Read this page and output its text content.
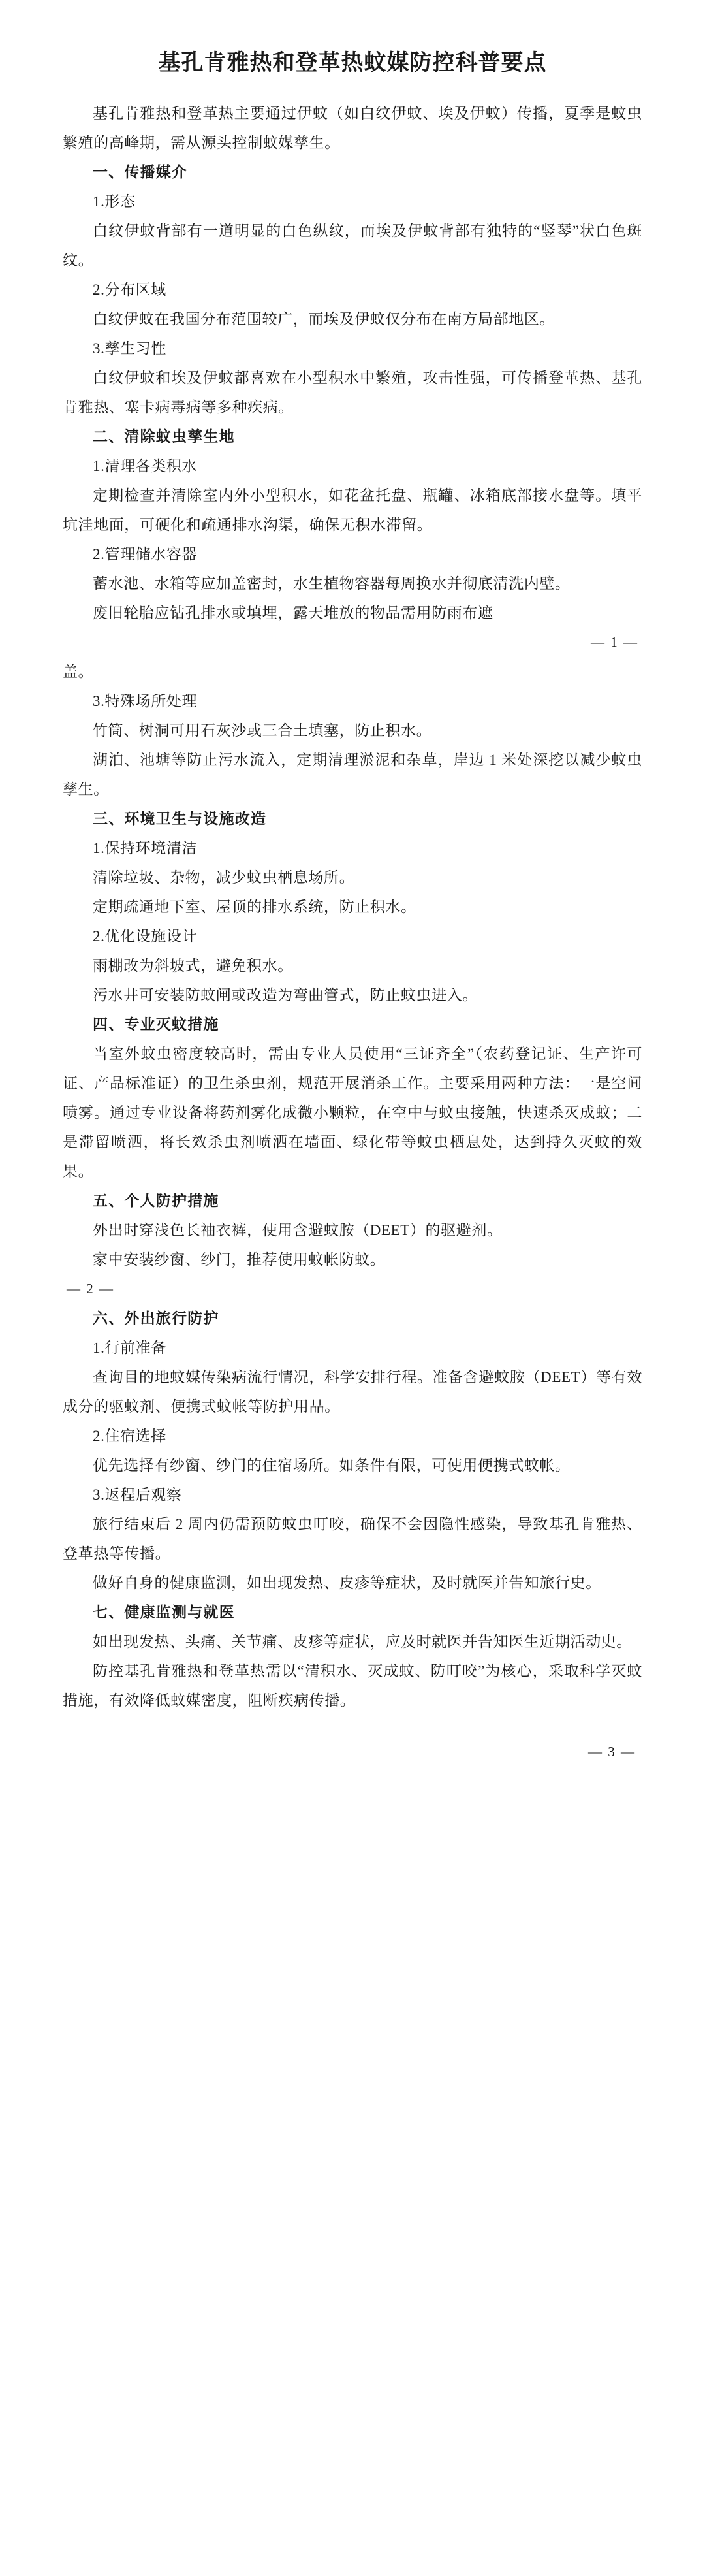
基孔肯雅热和登革热蚊媒防控科普要点

基孔肯雅热和登革热主要通过伊蚊（如白纹伊蚊、埃及伊蚊）传播，夏季是蚊虫繁殖的高峰期，需从源头控制蚊媒孳生。

一、传播媒介

1.形态

白纹伊蚊背部有一道明显的白色纵纹，而埃及伊蚊背部有独特的“竖琴”状白色斑纹。

2.分布区域

白纹伊蚊在我国分布范围较广，而埃及伊蚊仅分布在南方局部地区。

3.孳生习性

白纹伊蚊和埃及伊蚊都喜欢在小型积水中繁殖，攻击性强，可传播登革热、基孔肯雅热、塞卡病毒病等多种疾病。

二、清除蚊虫孳生地

1.清理各类积水

定期检查并清除室内外小型积水，如花盆托盘、瓶罐、冰箱底部接水盘等。填平坑洼地面，可硬化和疏通排水沟渠，确保无积水滞留。

2.管理储水容器

蓄水池、水箱等应加盖密封，水生植物容器每周换水并彻底清洗内壁。

废旧轮胎应钻孔排水或填埋，露天堆放的物品需用防雨布遮

— 1 —

盖。

3.特殊场所处理

竹筒、树洞可用石灰沙或三合土填塞，防止积水。

湖泊、池塘等防止污水流入，定期清理淤泥和杂草，岸边 1 米处深挖以减少蚊虫孳生。

三、环境卫生与设施改造

1.保持环境清洁

清除垃圾、杂物，减少蚊虫栖息场所。

定期疏通地下室、屋顶的排水系统，防止积水。

2.优化设施设计

雨棚改为斜坡式，避免积水。

污水井可安装防蚊闸或改造为弯曲管式，防止蚊虫进入。

四、专业灭蚊措施

当室外蚊虫密度较高时，需由专业人员使用“三证齐全”（农药登记证、生产许可证、产品标准证）的卫生杀虫剂，规范开展消杀工作。主要采用两种方法：一是空间喷雾。通过专业设备将药剂雾化成微小颗粒，在空中与蚊虫接触，快速杀灭成蚊；二是滞留喷洒，将长效杀虫剂喷洒在墙面、绿化带等蚊虫栖息处，达到持久灭蚊的效果。

五、个人防护措施

外出时穿浅色长袖衣裤，使用含避蚊胺（DEET）的驱避剂。

家中安装纱窗、纱门，推荐使用蚊帐防蚊。

— 2 —

六、外出旅行防护

1.行前准备

查询目的地蚊媒传染病流行情况，科学安排行程。准备含避蚊胺（DEET）等有效成分的驱蚊剂、便携式蚊帐等防护用品。

2.住宿选择

优先选择有纱窗、纱门的住宿场所。如条件有限，可使用便携式蚊帐。

3.返程后观察

旅行结束后 2 周内仍需预防蚊虫叮咬，确保不会因隐性感染，导致基孔肯雅热、登革热等传播。

做好自身的健康监测，如出现发热、皮疹等症状，及时就医并告知旅行史。

七、健康监测与就医

如出现发热、头痛、关节痛、皮疹等症状，应及时就医并告知医生近期活动史。

防控基孔肯雅热和登革热需以“清积水、灭成蚊、防叮咬”为核心，采取科学灭蚊措施，有效降低蚊媒密度，阻断疾病传播。

— 3 —
